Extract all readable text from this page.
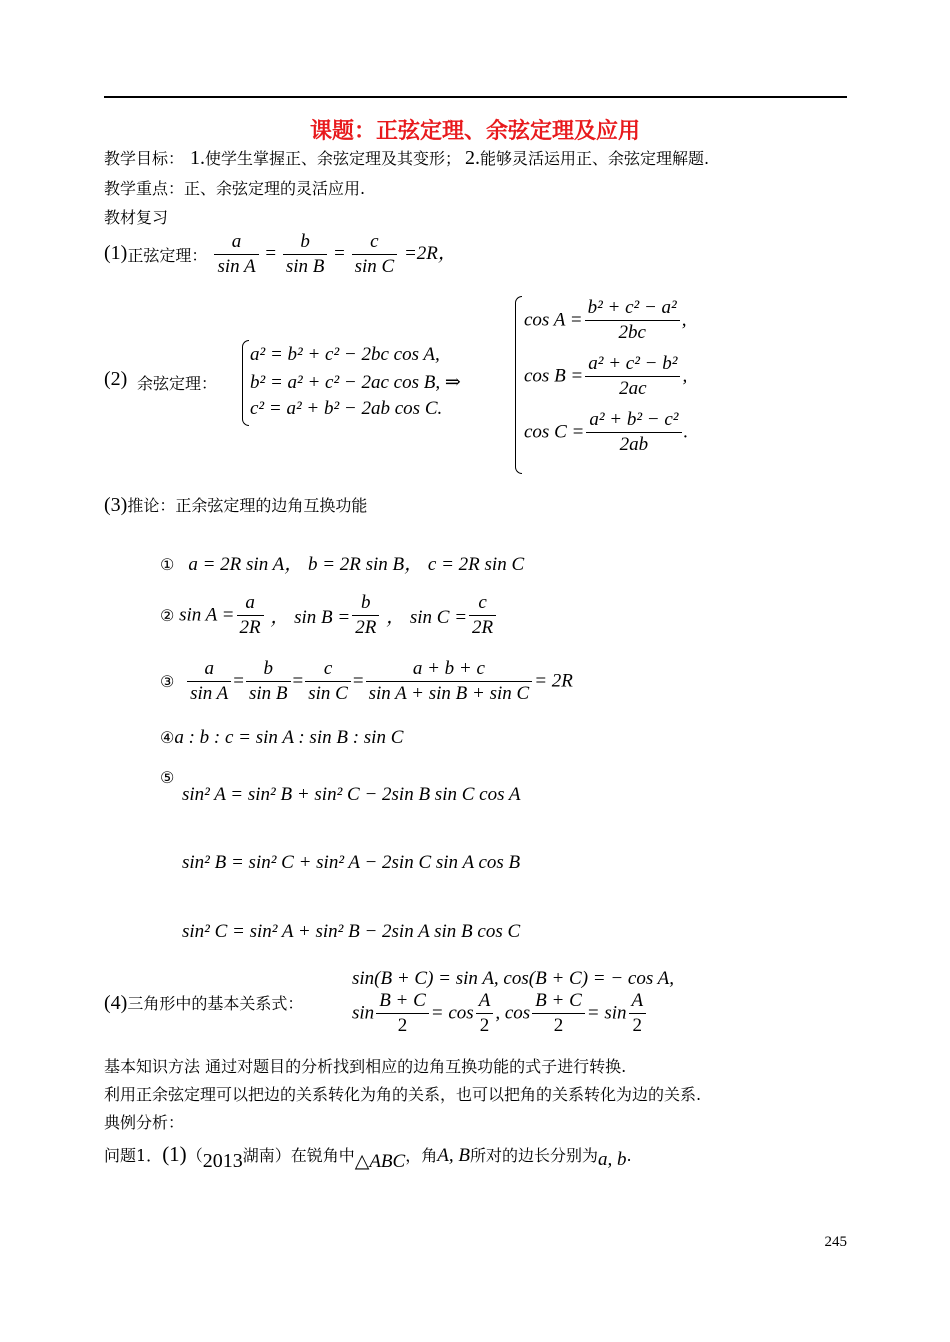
课题：正弦定理、余弦定理及应用
教学目标： 1.使学生掌握正、余弦定理及其变形； 2.能够灵活运用正、余弦定理解题.
教学重点：正、余弦定理的灵活应用.
教材复习
(1)正弦定理： $\frac{a}{\text{sin A}} = \frac{b}{\text{sin B}} = \frac{c}{\text{sin C}} =2R$，
(2) 余弦定理：
a² = b² + c² − 2bc cos A,
b² = a² + c² − 2ac cos B, ⇒
c² = a² + b² − 2ab cos C.
$\cos A = \frac{\text{b² + c² − a²}}{2bc}$ ,
$\cos B = \frac{\text{a² + c² − b²}}{2ac}$ ,
$\cos C = \frac{\text{a² + b² − c²}}{2ab}$ .
(3)推论：正余弦定理的边角互换功能
① a = 2R sin A， b = 2R sin B， c = 2R sin C
② $\sin A = \frac{a}{2R}$ ， $\sin B = \frac{b}{2R}$ ， $\sin C = \frac{c}{2R}$
③ $\frac{a}{\text{sin A}} = \frac{b}{\text{sin B}} = \frac{c}{\text{sin C}} = \frac{a + b + c}{\text{sin A + sin B + sin C}} = 2R$
④a : b : c = sin A : sin B : sin C
⑤
sin² A = sin² B + sin² C − 2sin B sin C cos A
sin² B = sin² C + sin² A − 2sin C sin A cos B
sin² C = sin² A + sin² B − 2sin A sin B cos C
sin(B + C) = sin A, cos(B + C) = − cos A,
(4)三角形中的基本关系式：	$\sin \frac{B + C}{2} = \cos \frac{A}{2}$ , $\cos \frac{B + C}{2} = \sin \frac{A}{2}$
基本知识方法 通过对题目的分析找到相应的边角互换功能的式子进行转换.
利用正余弦定理可以把边的关系转化为角的关系，也可以把角的关系转化为边的关系.
典例分析：
问题1．(1)（2013湖南）在锐角中△ABC，角A, B所对的边长分别为a, b.
245
